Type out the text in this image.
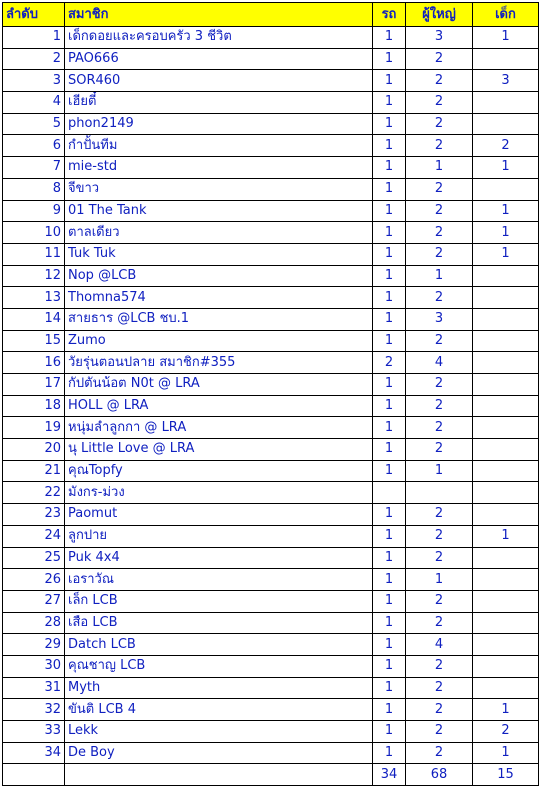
ลำดับ	สมาชิก	รถ	ผู้ใหญ่	เด็ก
1	เด็กดอยและครอบครัว 3 ชีวิต	1	3	1
2	PAO666	1	2	
3	SOR460	1	2	3
4	เฮียตี๋	1	2	
5	phon2149	1	2	
6	กำปั้นทีม	1	2	2
7	mie-std	1	1	1
8	จีขาว	1	2	
9	01 The Tank	1	2	1
10	ตาลเดียว	1	2	1
11	Tuk Tuk	1	2	1
12	Nop @LCB	1	1	
13	Thomna574	1	2	
14	สายธาร @LCB ชบ.1	1	3	
15	Zumo	1	2	
16	วัยรุ่นตอนปลาย สมาชิก#355	2	4	
17	กัปตันน้อต N0t @ LRA	1	2	
18	HOLL @ LRA	1	2	
19	หนุ่มลำลูกกา @ LRA	1	2	
20	นุ Little Love @ LRA	1	2	
21	คุณTopfy	1	1	
22	มังกร-ม่วง			
23	Paomut	1	2	
24	ลูกปาย	1	2	1
25	Puk 4x4	1	2	
26	เอราวัณ	1	1	
27	เล็ก LCB	1	2	
28	เสือ LCB	1	2	
29	Datch LCB	1	4	
30	คุณชาญ LCB	1	2	
31	Myth	1	2	
32	ขันติ LCB 4	1	2	1
33	Lekk	1	2	2
34	De Boy	1	2	1
		34	68	15
